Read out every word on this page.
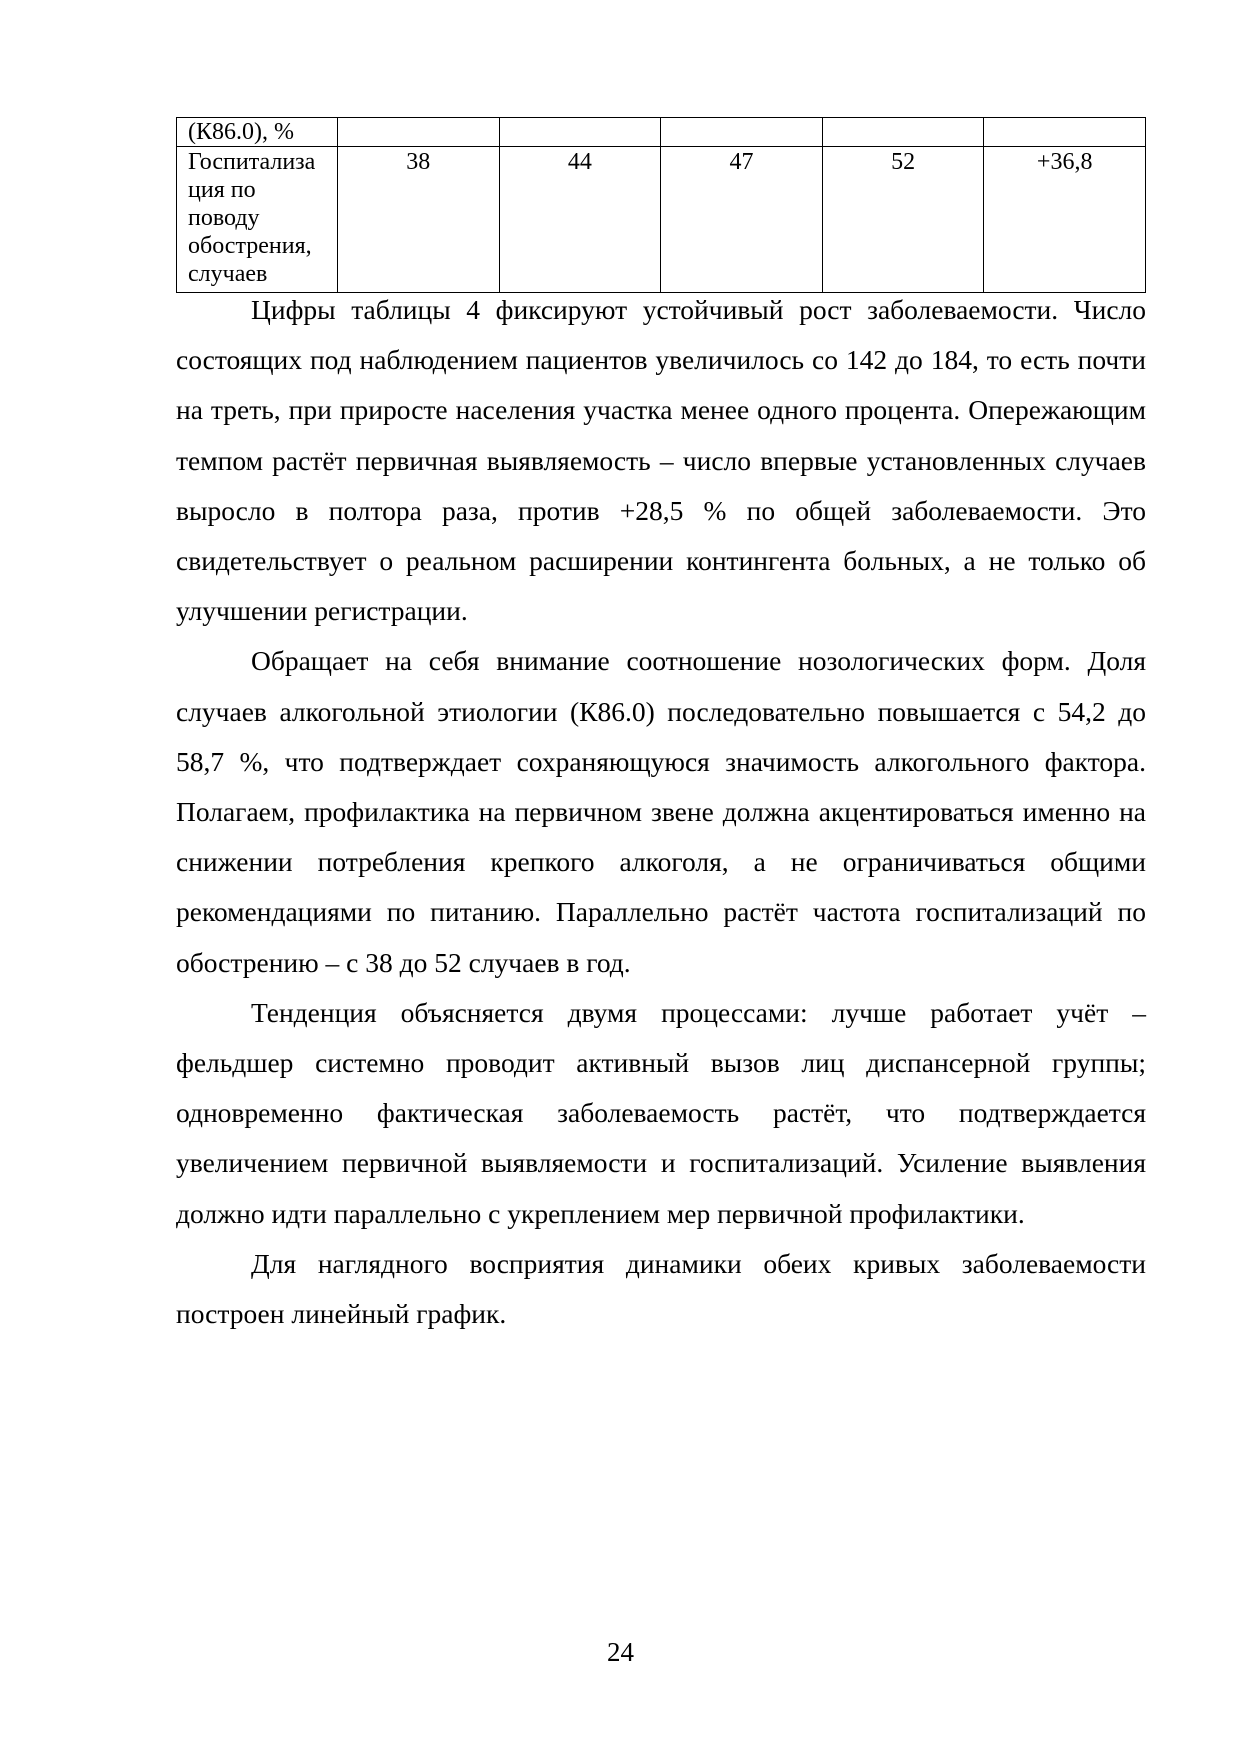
(К86.0), %					
Госпитализа
ция по
поводу
обострения,
случаев	38	44	47	52	+36,8

Цифры таблицы 4 фиксируют устойчивый рост заболеваемости. Число состоящих под наблюдением пациентов увеличилось со 142 до 184, то есть почти на треть, при приросте населения участка менее одного процента. Опережающим темпом растёт первичная выявляемость – число впервые установленных случаев выросло в полтора раза, против +28,5 % по общей заболеваемости. Это свидетельствует о реальном расширении контингента больных, а не только об улучшении регистрации.

Обращает на себя внимание соотношение нозологических форм. Доля случаев алкогольной этиологии (К86.0) последовательно повышается с 54,2 до 58,7 %, что подтверждает сохраняющуюся значимость алкогольного фактора. Полагаем, профилактика на первичном звене должна акцентироваться именно на снижении потребления крепкого алкоголя, а не ограничиваться общими рекомендациями по питанию. Параллельно растёт частота госпитализаций по обострению – с 38 до 52 случаев в год.

Тенденция объясняется двумя процессами: лучше работает учёт – фельдшер системно проводит активный вызов лиц диспансерной группы; одновременно фактическая заболеваемость растёт, что подтверждается увеличением первичной выявляемости и госпитализаций. Усиление выявления должно идти параллельно с укреплением мер первичной профилактики.

Для наглядного восприятия динамики обеих кривых заболеваемости построен линейный график.

24
